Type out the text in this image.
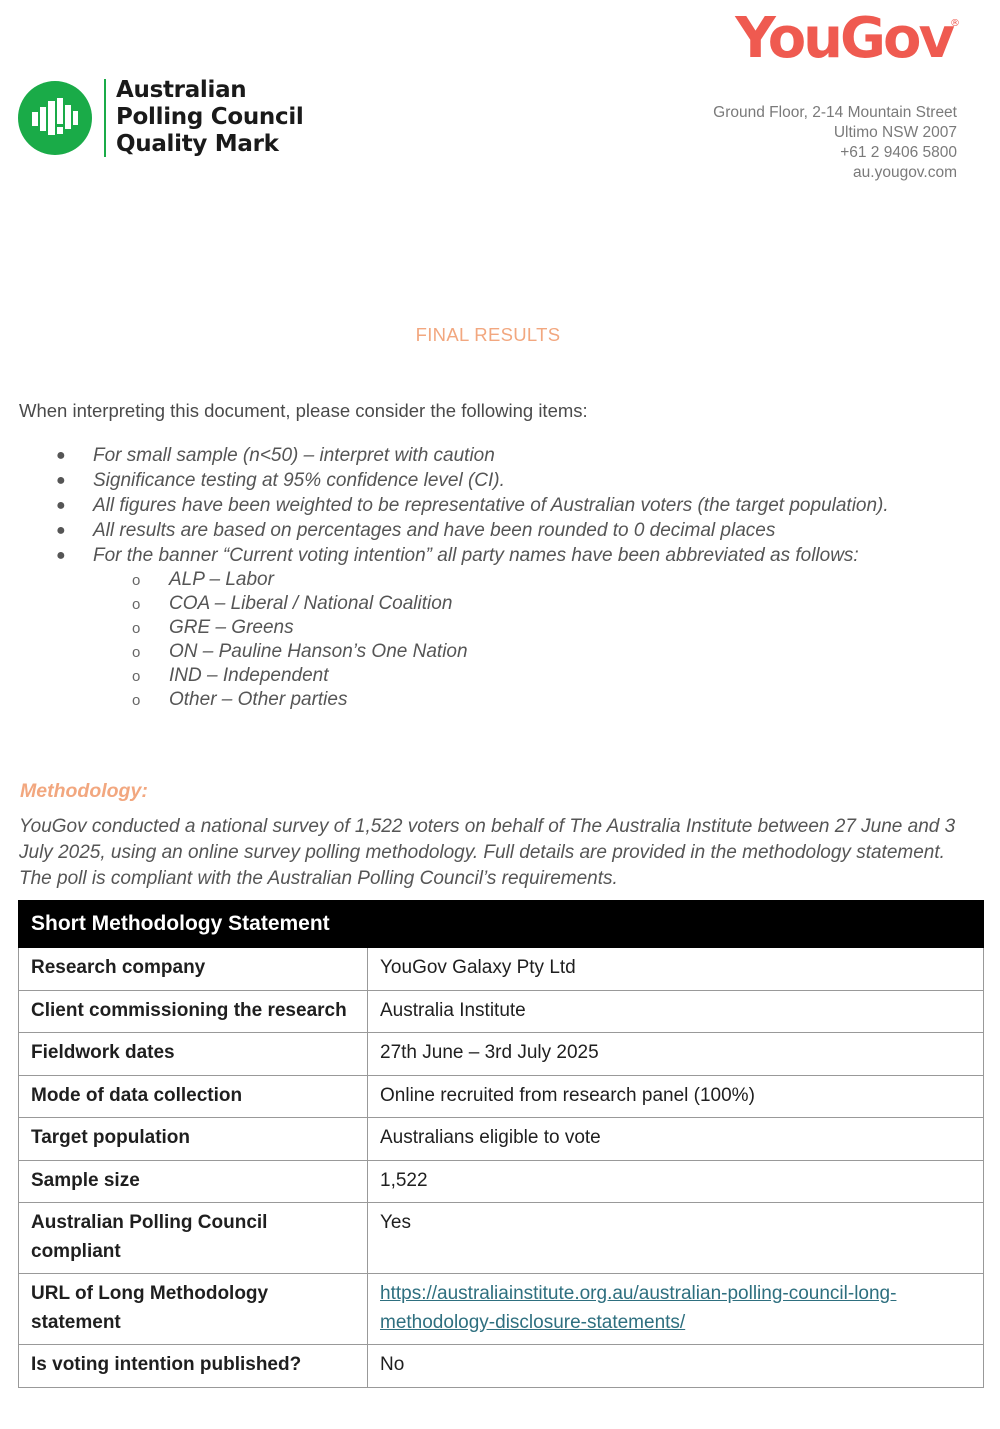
Australian
Polling Council
Quality Mark
YouGov
®
Ground Floor, 2-14 Mountain Street
Ultimo NSW 2007
+61 2 9406 5800
au.yougov.com
FINAL RESULTS
When interpreting this document, please consider the following items:
● For small sample (n<50) – interpret with caution
● Significance testing at 95% confidence level (CI).
● All figures have been weighted to be representative of Australian voters (the target population).
● All results are based on percentages and have been rounded to 0 decimal places
● For the banner “Current voting intention” all party names have been abbreviated as follows:
o ALP – Labor
o COA – Liberal / National Coalition
o GRE – Greens
o ON – Pauline Hanson’s One Nation
o IND – Independent
o Other – Other parties
Methodology:
YouGov conducted a national survey of 1,522 voters on behalf of The Australia Institute between 27 June and 3 July 2025, using an online survey polling methodology. Full details are provided in the methodology statement. The poll is compliant with the Australian Polling Council’s requirements.
Short Methodology Statement	
Research company	YouGov Galaxy Pty Ltd
Client commissioning the research	Australia Institute
Fieldwork dates	27th June – 3rd July 2025
Mode of data collection	Online recruited from research panel (100%)
Target population	Australians eligible to vote
Sample size	1,522
Australian Polling Council compliant	Yes
URL of Long Methodology statement	https://australiainstitute.org.au/australian-polling-council-long-methodology-disclosure-statements/
Is voting intention published?	No
